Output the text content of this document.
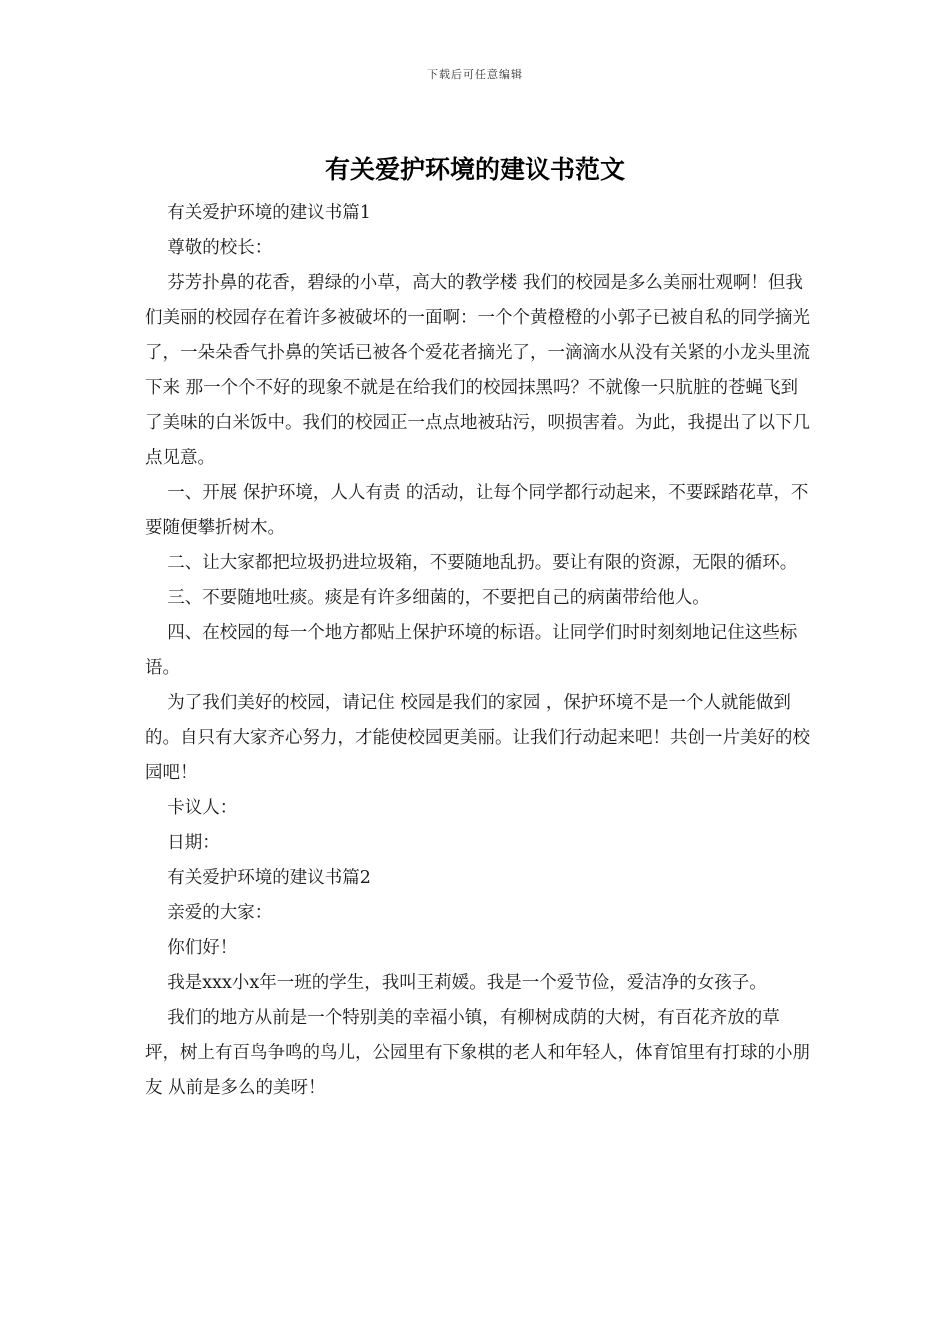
下载后可任意编辑
有关爱护环境的建议书范文

有关爱护环境的建议书篇1

尊敬的校长：

芬芳扑鼻的花香，碧绿的小草，高大的教学楼 我们的校园是多么美丽壮观啊！但我们美丽的校园存在着许多被破坏的一面啊：一个个黄橙橙的小郭子已被自私的同学摘光了，一朵朵香气扑鼻的笑话已被各个爱花者摘光了，一滴滴水从没有关紧的小龙头里流下来 那一个个不好的现象不就是在给我们的校园抹黑吗？不就像一只肮脏的苍蝇飞到了美味的白米饭中。我们的校园正一点点地被玷污，呗损害着。为此，我提出了以下几点见意。

一、开展 保护环境，人人有责 的活动，让每个同学都行动起来，不要踩踏花草，不要随便攀折树木。

二、让大家都把垃圾扔进垃圾箱，不要随地乱扔。要让有限的资源，无限的循环。

三、不要随地吐痰。痰是有许多细菌的，不要把自己的病菌带给他人。

四、在校园的每一个地方都贴上保护环境的标语。让同学们时时刻刻地记住这些标语。

为了我们美好的校园，请记住 校园是我们的家园 ，保护环境不是一个人就能做到的。自只有大家齐心努力，才能使校园更美丽。让我们行动起来吧！共创一片美好的校园吧！

卡议人：

日期：

有关爱护环境的建议书篇2

亲爱的大家：

你们好！

我是xxx小x年一班的学生，我叫王莉媛。我是一个爱节俭，爱洁净的女孩子。

我们的地方从前是一个特别美的幸福小镇，有柳树成荫的大树，有百花齐放的草坪，树上有百鸟争鸣的鸟儿，公园里有下象棋的老人和年轻人，体育馆里有打球的小朋友 从前是多么的美呀！
